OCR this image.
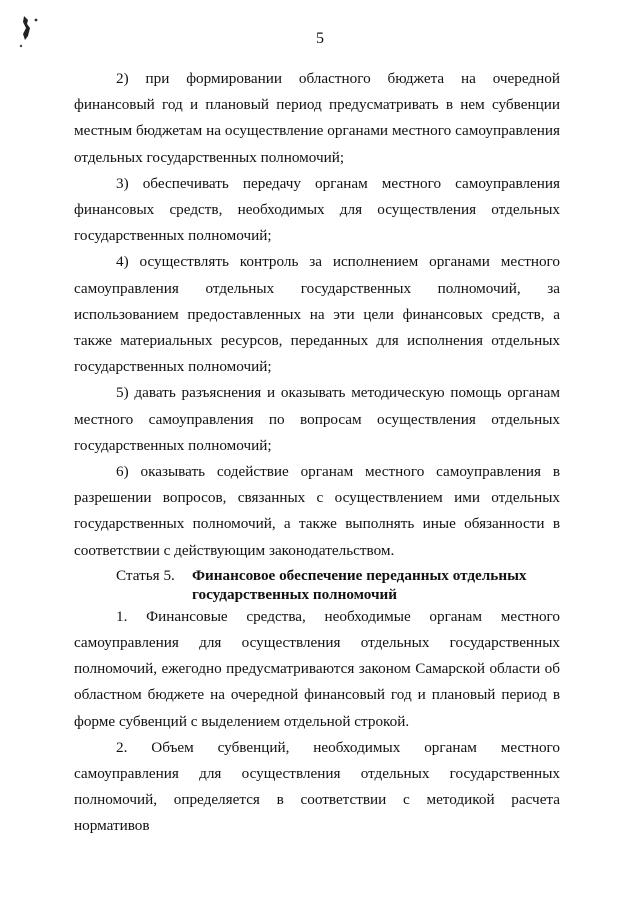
5

2) при формировании областного бюджета на очередной финансовый год и плановый период предусматривать в нем субвенции местным бюджетам на осуществление органами местного самоуправления отдельных государственных полномочий;

3) обеспечивать передачу органам местного самоуправления финансовых средств, необходимых для осуществления отдельных государственных полномочий;

4) осуществлять контроль за исполнением органами местного самоуправления отдельных государственных полномочий, за использованием предоставленных на эти цели финансовых средств, а также материальных ресурсов, переданных для исполнения отдельных государственных полномочий;

5) давать разъяснения и оказывать методическую помощь органам местного самоуправления по вопросам осуществления отдельных государственных полномочий;

6) оказывать содействие органам местного самоуправления в разрешении вопросов, связанных с осуществлением ими отдельных государственных полномочий, а также выполнять иные обязанности в соответствии с действующим законодательством.

Статья 5.	Финансовое обеспечение переданных отдельных государственных полномочий

1. Финансовые средства, необходимые органам местного самоуправления для осуществления отдельных государственных полномочий, ежегодно предусматриваются законом Самарской области об областном бюджете на очередной финансовый год и плановый период в форме субвенций с выделением отдельной строкой.

2. Объем субвенций, необходимых органам местного самоуправления для осуществления отдельных государственных полномочий, определяется в соответствии с методикой расчета нормативов
